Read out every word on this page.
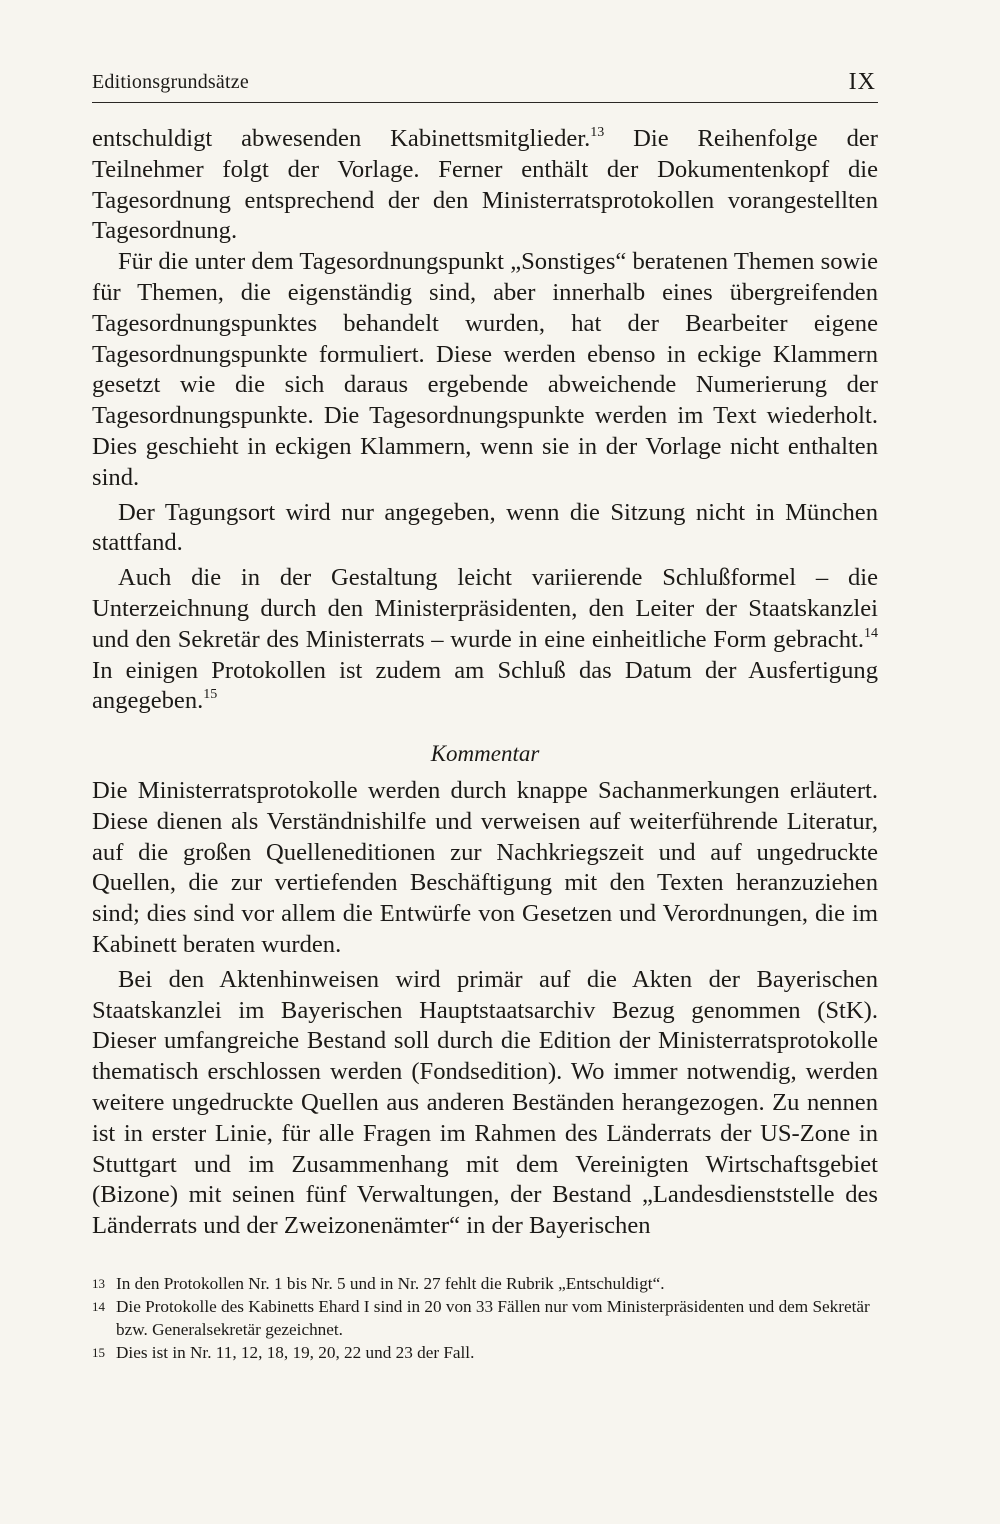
Editionsgrundsätze	IX

entschuldigt abwesenden Kabinettsmitglieder.$^{13}$ Die Reihenfolge der Teilnehmer folgt der Vorlage. Ferner enthält der Dokumentenkopf die Tagesordnung entsprechend der den Ministerratsprotokollen vorangestellten Tagesordnung.

Für die unter dem Tagesordnungspunkt „Sonstiges“ beratenen Themen sowie für Themen, die eigenständig sind, aber innerhalb eines übergreifenden Tagesordnungspunktes behandelt wurden, hat der Bearbeiter eigene Tagesordnungspunkte formuliert. Diese werden ebenso in eckige Klammern gesetzt wie die sich daraus ergebende abweichende Numerierung der Tagesordnungspunkte. Die Tagesordnungspunkte werden im Text wiederholt. Dies geschieht in eckigen Klammern, wenn sie in der Vorlage nicht enthalten sind.

Der Tagungsort wird nur angegeben, wenn die Sitzung nicht in München stattfand.

Auch die in der Gestaltung leicht variierende Schlußformel – die Unterzeichnung durch den Ministerpräsidenten, den Leiter der Staatskanzlei und den Sekretär des Ministerrats – wurde in eine einheitliche Form gebracht.$^{14}$ In einigen Protokollen ist zudem am Schluß das Datum der Ausfertigung angegeben.$^{15}$

Kommentar

Die Ministerratsprotokolle werden durch knappe Sachanmerkungen erläutert. Diese dienen als Verständnishilfe und verweisen auf weiterführende Literatur, auf die großen Quelleneditionen zur Nachkriegszeit und auf ungedruckte Quellen, die zur vertiefenden Beschäftigung mit den Texten heranzuziehen sind; dies sind vor allem die Entwürfe von Gesetzen und Verordnungen, die im Kabinett beraten wurden.

Bei den Aktenhinweisen wird primär auf die Akten der Bayerischen Staatskanzlei im Bayerischen Hauptstaatsarchiv Bezug genommen (StK). Dieser umfangreiche Bestand soll durch die Edition der Ministerratsprotokolle thematisch erschlossen werden (Fondsedition). Wo immer notwendig, werden weitere ungedruckte Quellen aus anderen Beständen herangezogen. Zu nennen ist in erster Linie, für alle Fragen im Rahmen des Länderrats der US-Zone in Stuttgart und im Zusammenhang mit dem Vereinigten Wirtschaftsgebiet (Bizone) mit seinen fünf Verwaltungen, der Bestand „Landesdienststelle des Länderrats und der Zweizonenämter“ in der Bayerischen

13 In den Protokollen Nr. 1 bis Nr. 5 und in Nr. 27 fehlt die Rubrik „Entschuldigt“.
14 Die Protokolle des Kabinetts Ehard I sind in 20 von 33 Fällen nur vom Ministerpräsidenten und dem Sekretär bzw. Generalsekretär gezeichnet.
15 Dies ist in Nr. 11, 12, 18, 19, 20, 22 und 23 der Fall.
